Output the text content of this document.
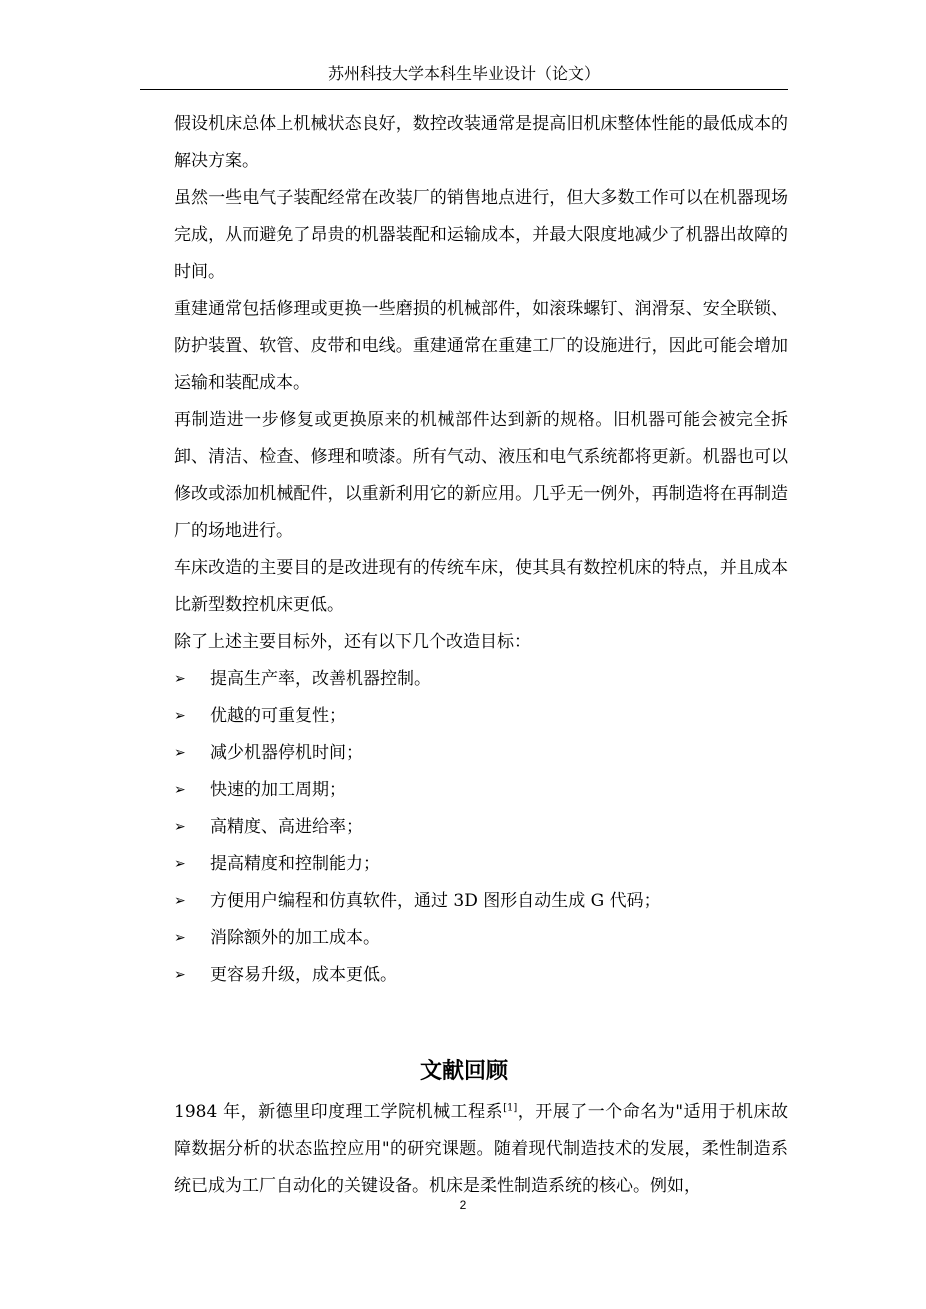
苏州科技大学本科生毕业设计（论文）

假设机床总体上机械状态良好，数控改装通常是提高旧机床整体性能的最低成本的解决方案。

虽然一些电气子装配经常在改装厂的销售地点进行，但大多数工作可以在机器现场完成，从而避免了昂贵的机器装配和运输成本，并最大限度地减少了机器出故障的时间。

重建通常包括修理或更换一些磨损的机械部件，如滚珠螺钉、润滑泵、安全联锁、防护装置、软管、皮带和电线。重建通常在重建工厂的设施进行，因此可能会增加运输和装配成本。

再制造进一步修复或更换原来的机械部件达到新的规格。旧机器可能会被完全拆卸、清洁、检查、修理和喷漆。所有气动、液压和电气系统都将更新。机器也可以修改或添加机械配件，以重新利用它的新应用。几乎无一例外，再制造将在再制造厂的场地进行。

车床改造的主要目的是改进现有的传统车床，使其具有数控机床的特点，并且成本比新型数控机床更低。

除了上述主要目标外，还有以下几个改造目标：

➢	提高生产率，改善机器控制。
➢	优越的可重复性；
➢	减少机器停机时间；
➢	快速的加工周期；
➢	高精度、高进给率；
➢	提高精度和控制能力；
➢	方便用户编程和仿真软件，通过 3D 图形自动生成 G 代码；
➢	消除额外的加工成本。
➢	更容易升级，成本更低。
文献回顾

1984 年，新德里印度理工学院机械工程系[1]，开展了一个命名为"适用于机床故障数据分析的状态监控应用"的研究课题。随着现代制造技术的发展，柔性制造系统已成为工厂自动化的关键设备。机床是柔性制造系统的核心。例如，

2
